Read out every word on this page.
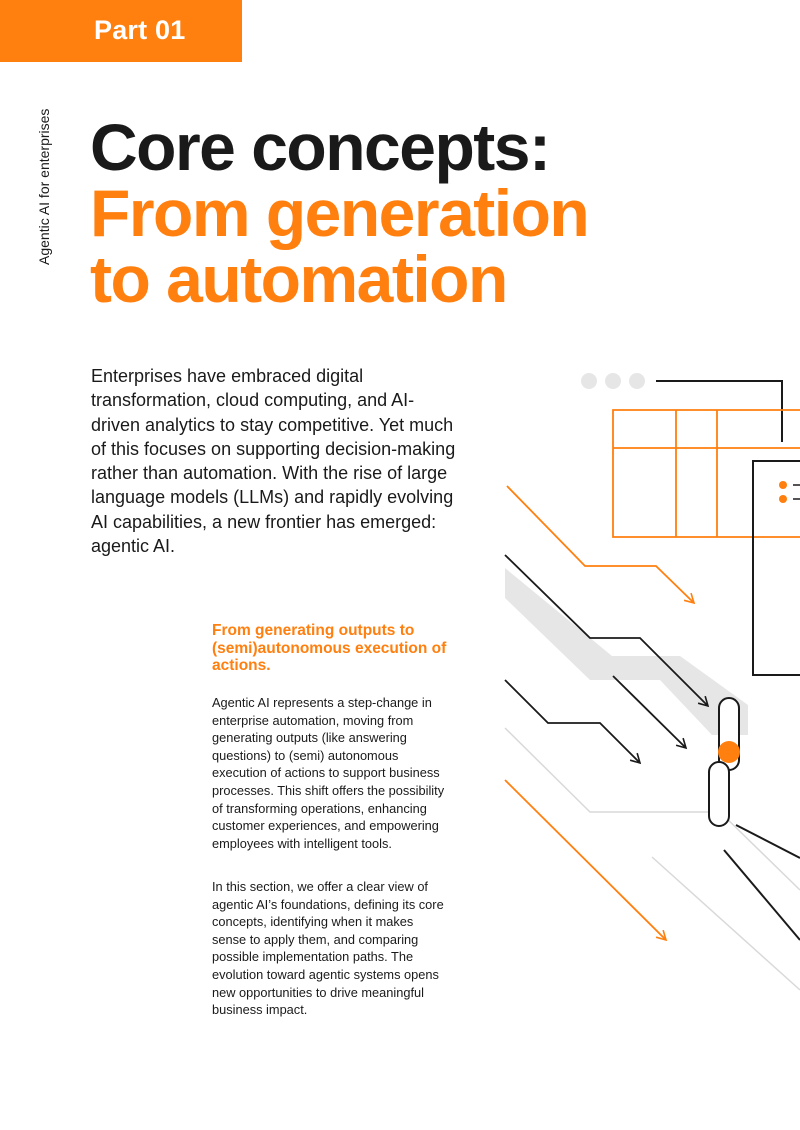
Part 01
Agentic AI for enterprises Core concepts:
From generation
to automation

Enterprises have embraced digital transformation, cloud computing, and AI-driven analytics to stay competitive. Yet much of this focuses on supporting decision-making rather than automation. With the rise of large language models (LLMs) and rapidly evolving AI capabilities, a new frontier has emerged: agentic AI.

From generating outputs to (semi)autonomous execution of actions.

Agentic AI represents a step-change in enterprise automation, moving from generating outputs (like answering questions) to (semi) autonomous execution of actions to support business processes. This shift offers the possibility of transforming operations, enhancing customer experiences, and empowering employees with intelligent tools.

In this section, we offer a clear view of agentic AI’s foundations, defining its core concepts, identifying when it makes sense to apply them, and comparing possible implementation paths. The evolution toward agentic systems opens new opportunities to drive meaningful business impact.
